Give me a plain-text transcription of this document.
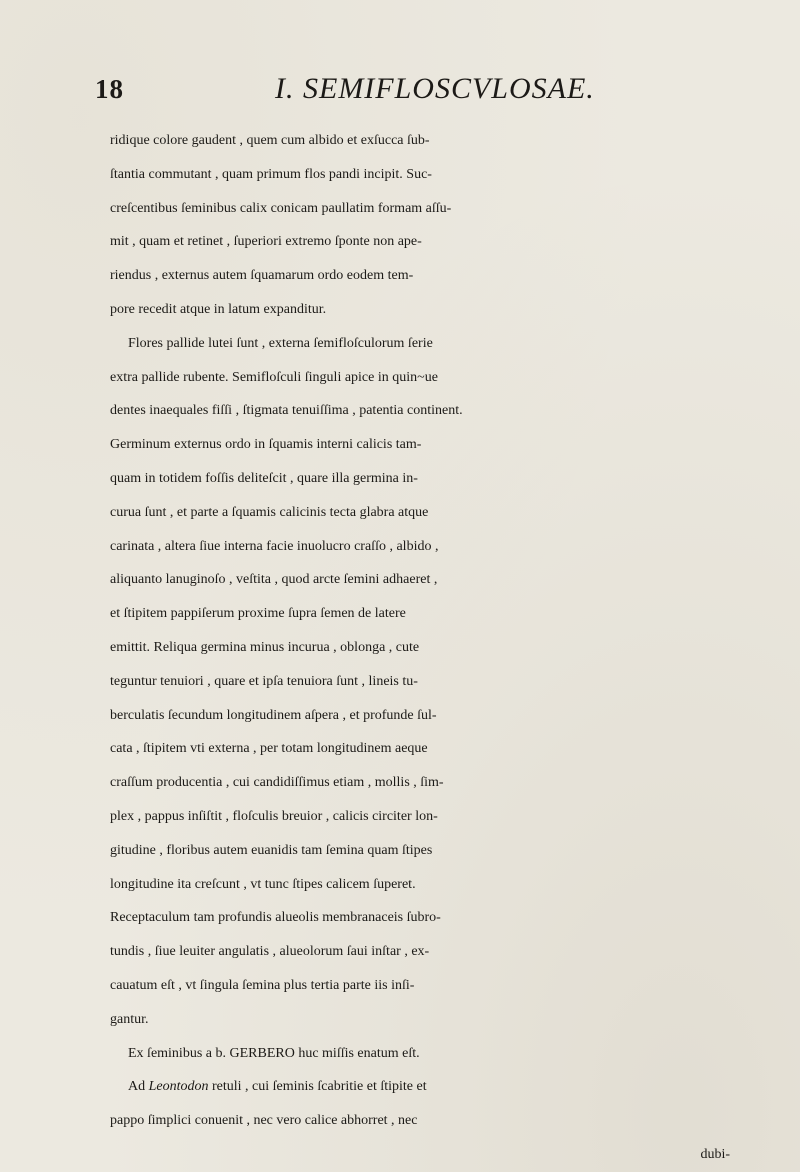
18	I. SEMIFLOSCVLOSAE.
ridique colore gaudent , quem cum albido et exſucca ſub-
ſtantia commutant , quam primum flos pandi incipit. Suc-
creſcentibus ſeminibus calix conicam paullatim formam aſſu-
mit , quam et retinet , ſuperiori extremo ſponte non ape-
riendus , externus autem ſquamarum ordo eodem tem-
pore recedit atque in latum expanditur.
Flores pallide lutei ſunt , externa ſemifloſculorum ſerie
extra pallide rubente. Semifloſculi ſinguli apice in quin~ue
dentes inaequales fiſſi , ſtigmata tenuiſſima , patentia continent.
Germinum externus ordo in ſquamis interni calicis tam-
quam in totidem foſſis deliteſcit , quare illa germina in-
curua ſunt , et parte a ſquamis calicinis tecta glabra atque
carinata , altera ſiue interna facie inuolucro craſſo , albido ,
aliquanto lanuginoſo , veſtita , quod arcte ſemini adhaeret ,
et ſtipitem pappiſerum proxime ſupra ſemen de latere
emittit. Reliqua germina minus incurua , oblonga , cute
teguntur tenuiori , quare et ipſa tenuiora ſunt , lineis tu-
berculatis ſecundum longitudinem aſpera , et profunde ſul-
cata , ſtipitem vti externa , per totam longitudinem aeque
craſſum producentia , cui candidiſſimus etiam , mollis , ſim-
plex , pappus inſiſtit , floſculis breuior , calicis circiter lon-
gitudine , floribus autem euanidis tam ſemina quam ſtipes
longitudine ita creſcunt , vt tunc ſtipes calicem ſuperet.
Receptaculum tam profundis alueolis membranaceis ſubro-
tundis , ſiue leuiter angulatis , alueolorum ſaui inſtar , ex-
cauatum eſt , vt ſingula ſemina plus tertia parte iis inſi-
gantur.
Ex ſeminibus a b. GERBERO huc miſſis enatum eſt.
Ad Leontodon retuli , cui ſeminis ſcabritie et ſtipite et
pappo ſimplici conuenit , nec vero calice abhorret , nec
dubi-
